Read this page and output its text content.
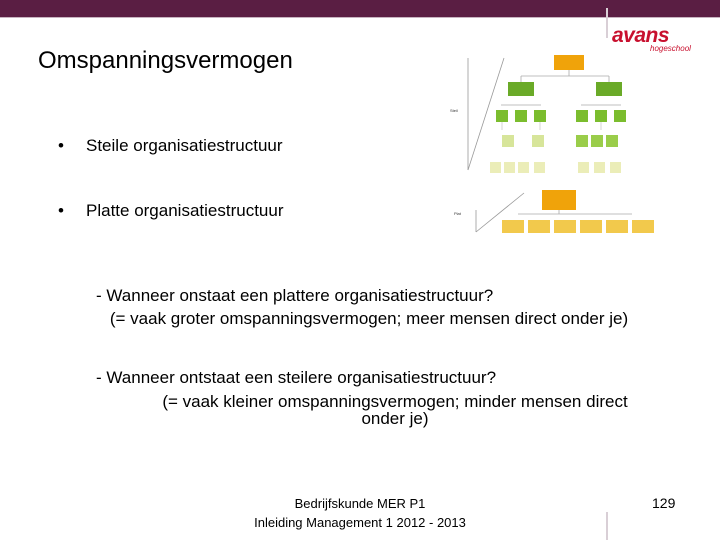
avans
hogeschool
Omspanningsvermogen
• Steile organisatiestructuur
• Platte organisatiestructuur
Steil
Plat
- Wanneer onstaat een plattere organisatiestructuur?
(= vaak groter omspanningsvermogen; meer mensen direct onder je)
- Wanneer ontstaat een steilere organisatiestructuur?
(= vaak kleiner omspanningsvermogen; minder mensen direct onder je)
Bedrijfskunde MER P1
Inleiding Management 1 2012 - 2013
129
